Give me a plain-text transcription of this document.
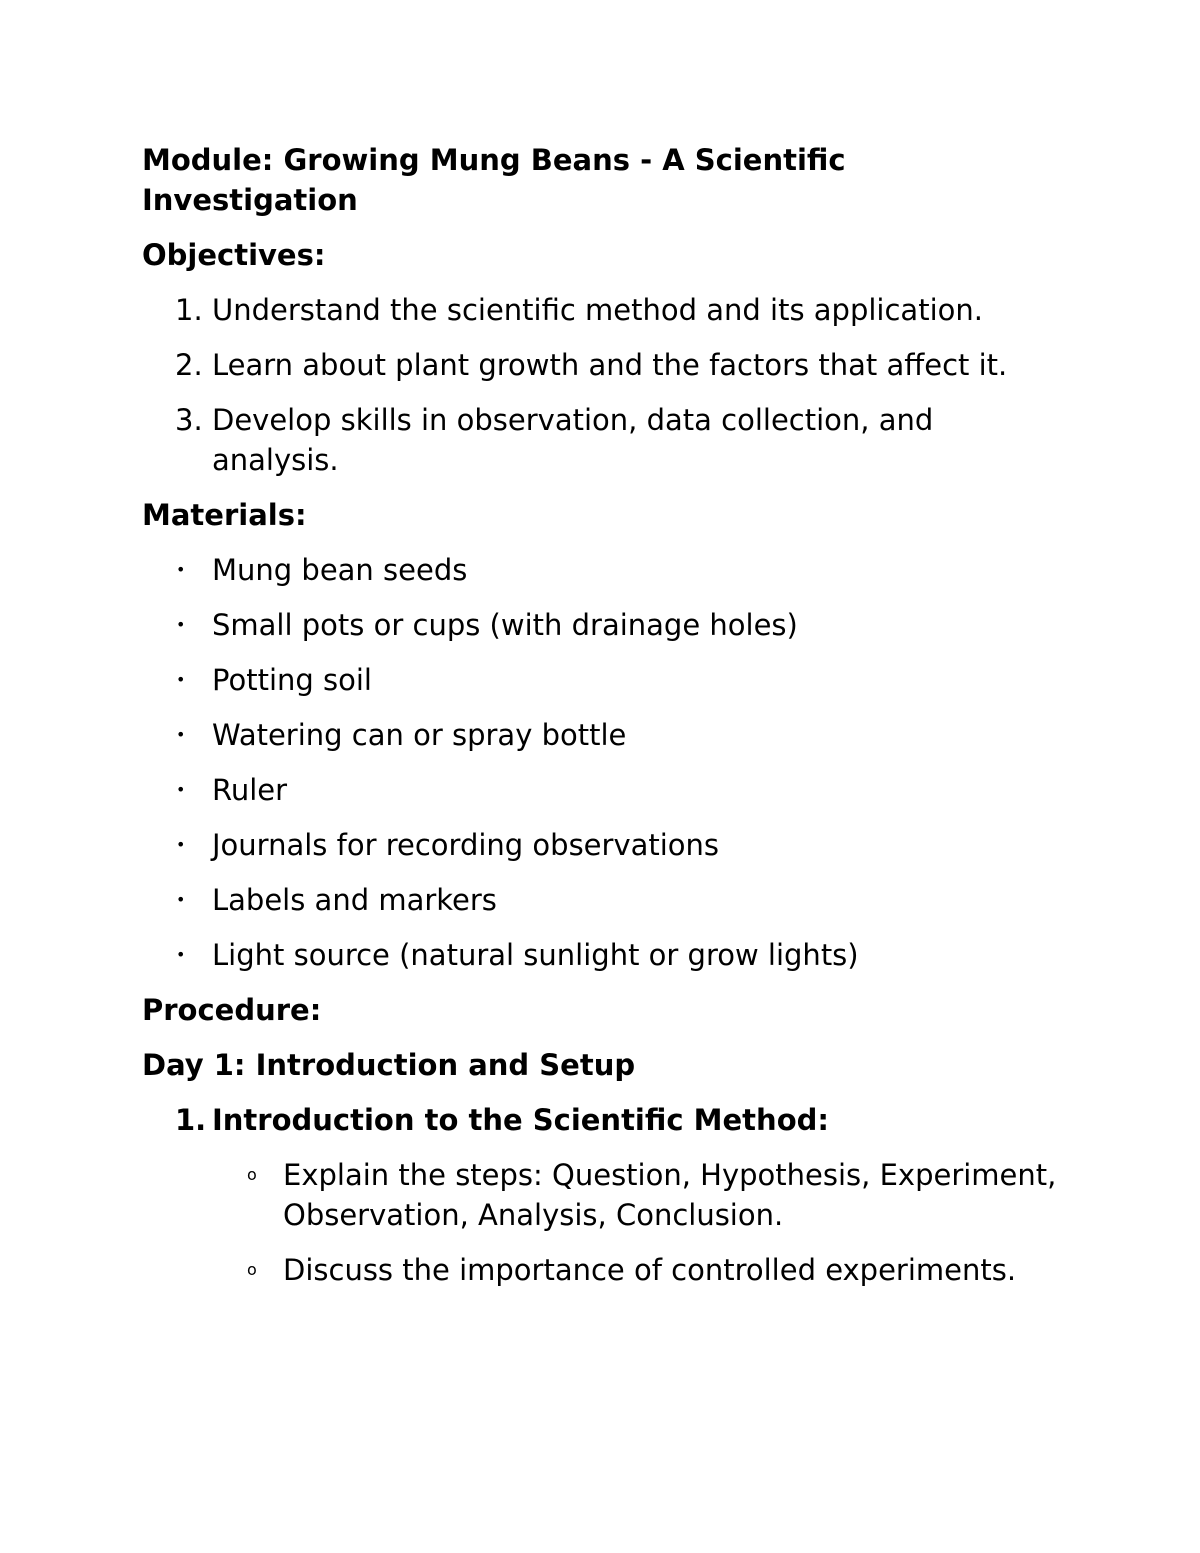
Module: Growing Mung Beans - A Scientific Investigation
Objectives:
1. Understand the scientific method and its application.
2. Learn about plant growth and the factors that affect it.
3. Develop skills in observation, data collection, and analysis.
Materials:
• Mung bean seeds
• Small pots or cups (with drainage holes)
• Potting soil
• Watering can or spray bottle
• Ruler
• Journals for recording observations
• Labels and markers
• Light source (natural sunlight or grow lights)
Procedure:
Day 1: Introduction and Setup
1. Introduction to the Scientific Method:
o Explain the steps: Question, Hypothesis, Experiment, Observation, Analysis, Conclusion.
o Discuss the importance of controlled experiments.
